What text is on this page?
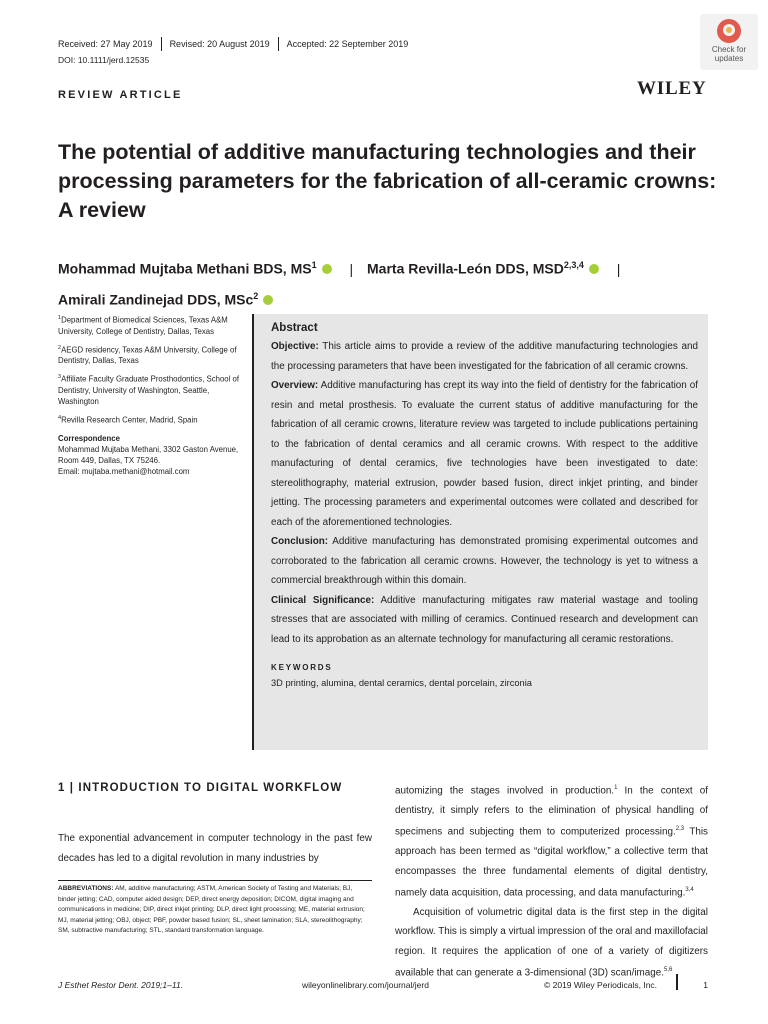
Received: 27 May 2019 Revised: 20 August 2019 Accepted: 22 September 2019
DOI: 10.1111/jerd.12535
Check for updates
REVIEW ARTICLE	WILEY
The potential of additive manufacturing technologies and their processing parameters for the fabrication of all-ceramic crowns: A review
Mohammad Mujtaba Methani BDS, $MS^1$ | Marta Revilla-León DDS, MSD$^{2,3,4}$ |
Amirali Zandinejad DDS, MSc$^2$

$^1$Department of Biomedical Sciences, Texas A&M University, College of Dentistry, Dallas, Texas

$^2$AEGD residency, Texas A&M University, College of Dentistry, Dallas, Texas

$^3$Affiliate Faculty Graduate Prosthodontics, School of Dentistry, University of Washington, Seattle, Washington

$^4$Revilla Research Center, Madrid, Spain

Correspondence
Mohammad Mujtaba Methani, 3302 Gaston Avenue, Room 449, Dallas, TX 75246.
Email: mujtaba.methani@hotmail.com
Abstract
Objective: This article aims to provide a review of the additive manufacturing technologies and the processing parameters that have been investigated for the fabrication of all ceramic crowns.
Overview: Additive manufacturing has crept its way into the field of dentistry for the fabrication of resin and metal prosthesis. To evaluate the current status of additive manufacturing for the fabrication of all ceramic crowns, literature review was targeted to include publications pertaining to the fabrication of dental ceramics and all ceramic crowns. With respect to the additive manufacturing of dental ceramics, five technologies have been investigated to date: stereolithography, material extrusion, powder based fusion, direct inkjet printing, and binder jetting. The processing parameters and experimental outcomes were collated and described for each of the aforementioned technologies.
Conclusion: Additive manufacturing has demonstrated promising experimental outcomes and corroborated to the fabrication all ceramic crowns. However, the technology is yet to witness a commercial breakthrough within this domain.
Clinical Significance: Additive manufacturing mitigates raw material wastage and tooling stresses that are associated with milling of ceramics. Continued research and development can lead to its approbation as an alternate technology for manufacturing all ceramic restorations.
KEYWORDS
3D printing, alumina, dental ceramics, dental porcelain, zirconia
1 | INTRODUCTION TO DIGITAL WORKFLOW

The exponential advancement in computer technology in the past few decades has led to a digital revolution in many industries by

ABBREVIATIONS: AM, additive manufacturing; ASTM, American Society of Testing and Materials; BJ, binder jetting; CAD, computer aided design; DEP, direct energy deposition; DICOM, digital imaging and communications in medicine; DIP, direct inkjet printing; DLP, direct light processing; ME, material extrusion; MJ, material jetting; OBJ, object; PBF, powder based fusion; SL, sheet lamination; SLA, stereolithography; SM, subtractive manufacturing; STL, standard transformation language.

automizing the stages involved in production.$^1$ In the context of dentistry, it simply refers to the elimination of physical handling of specimens and subjecting them to computerized processing.$^{2,3}$ This approach has been termed as “digital workflow,” a collective term that encompasses the three fundamental elements of digital dentistry, namely data acquisition, data processing, and data manufacturing.$^{3,4}$

Acquisition of volumetric digital data is the first step in the digital workflow. This is simply a virtual impression of the oral and maxillofacial region. It requires the application of one of a variety of digitizers available that can generate a 3-dimensional (3D) scan/image.$^{5,6}$

J Esthet Restor Dent. 2019;1–11.	wileyonlinelibrary.com/journal/jerd	© 2019 Wiley Periodicals, Inc.	1
